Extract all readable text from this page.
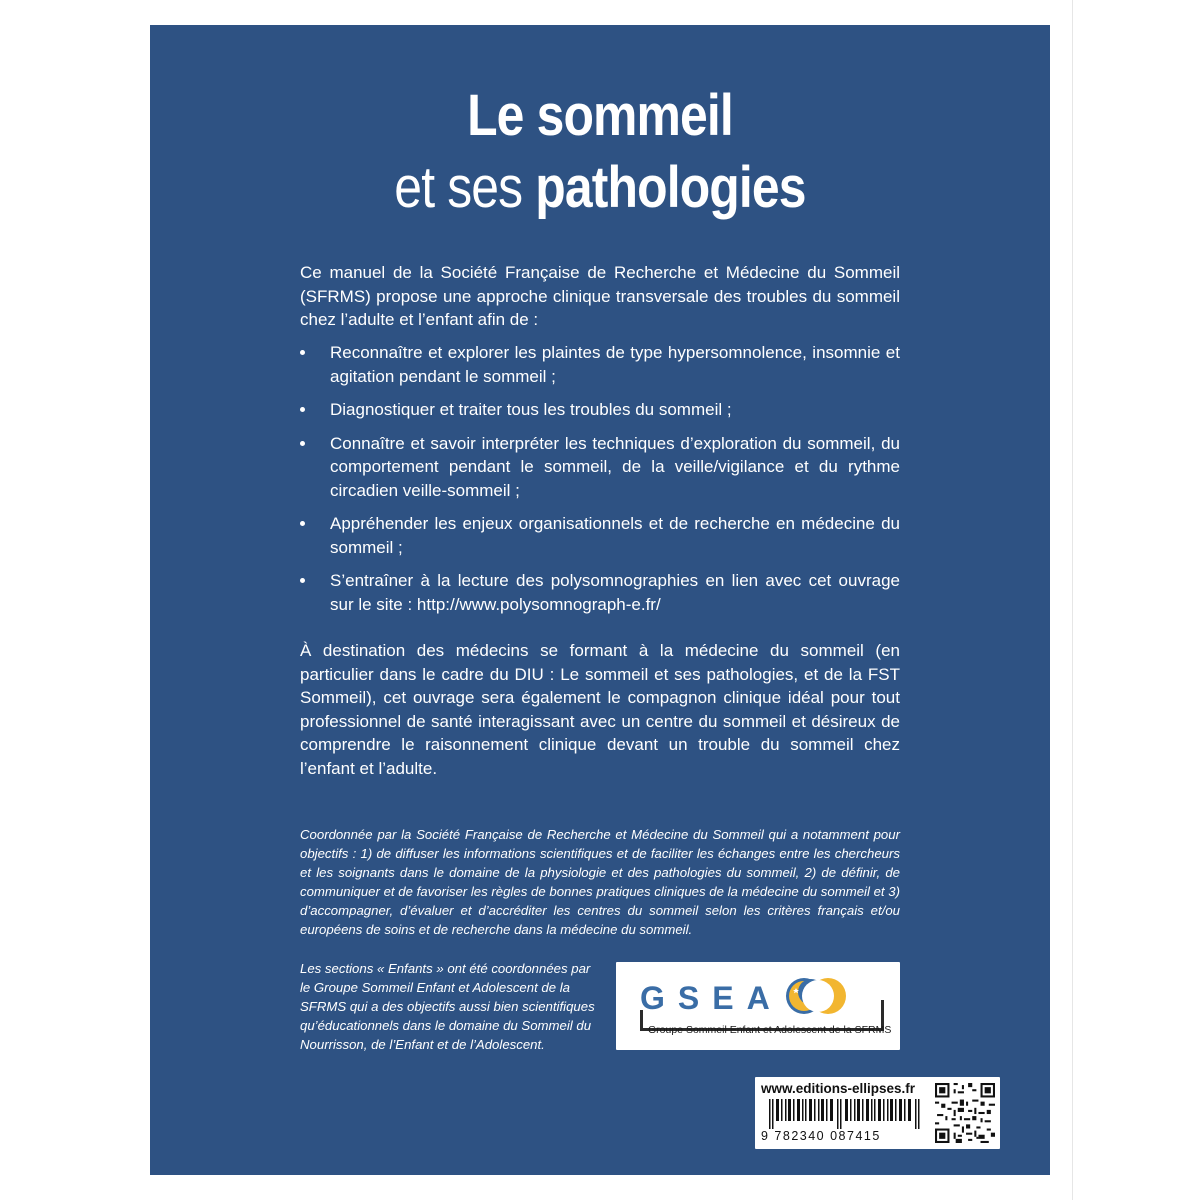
Le sommeil
et ses pathologies
Ce manuel de la Société Française de Recherche et Médecine du Sommeil (SFRMS) propose une approche clinique transversale des troubles du sommeil chez l’adulte et l’enfant afin de :
Reconnaître et explorer les plaintes de type hypersomnolence, insomnie et agitation pendant le sommeil ;
Diagnostiquer et traiter tous les troubles du sommeil ;
Connaître et savoir interpréter les techniques d’exploration du sommeil, du comportement pendant le sommeil, de la veille/vigilance et du rythme circadien veille-sommeil ;
Appréhender les enjeux organisationnels et de recherche en médecine du sommeil ;
S’entraîner à la lecture des polysomnographies en lien avec cet ouvrage sur le site : http://www.polysomnograph-e.fr/
À destination des médecins se formant à la médecine du sommeil (en particulier dans le cadre du DIU : Le sommeil et ses pathologies, et de la FST Sommeil), cet ouvrage sera également le compagnon clinique idéal pour tout professionnel de santé interagissant avec un centre du sommeil et désireux de comprendre le raisonnement clinique devant un trouble du sommeil chez l’enfant et l’adulte.
Coordonnée par la Société Française de Recherche et Médecine du Sommeil qui a notamment pour objectifs : 1) de diffuser les informations scientifiques et de faciliter les échanges entre les chercheurs et les soignants dans le domaine de la physiologie et des pathologies du sommeil, 2) de définir, de communiquer et de favoriser les règles de bonnes pratiques cliniques de la médecine du sommeil et 3) d’accompagner, d’évaluer et d’accréditer les centres du sommeil selon les critères français et/ou européens de soins et de recherche dans la médecine du sommeil.
Les sections « Enfants » ont été coordonnées par le Groupe Sommeil Enfant et Adolescent de la SFRMS qui a des objectifs aussi bien scientifiques qu’éducationnels dans le domaine du Sommeil du Nourrisson, de l’Enfant et de l’Adolescent.
GSEA
Groupe Sommeil Enfant et Adolescent de la SFRMS
www.editions-ellipses.fr
9 782340 087415
